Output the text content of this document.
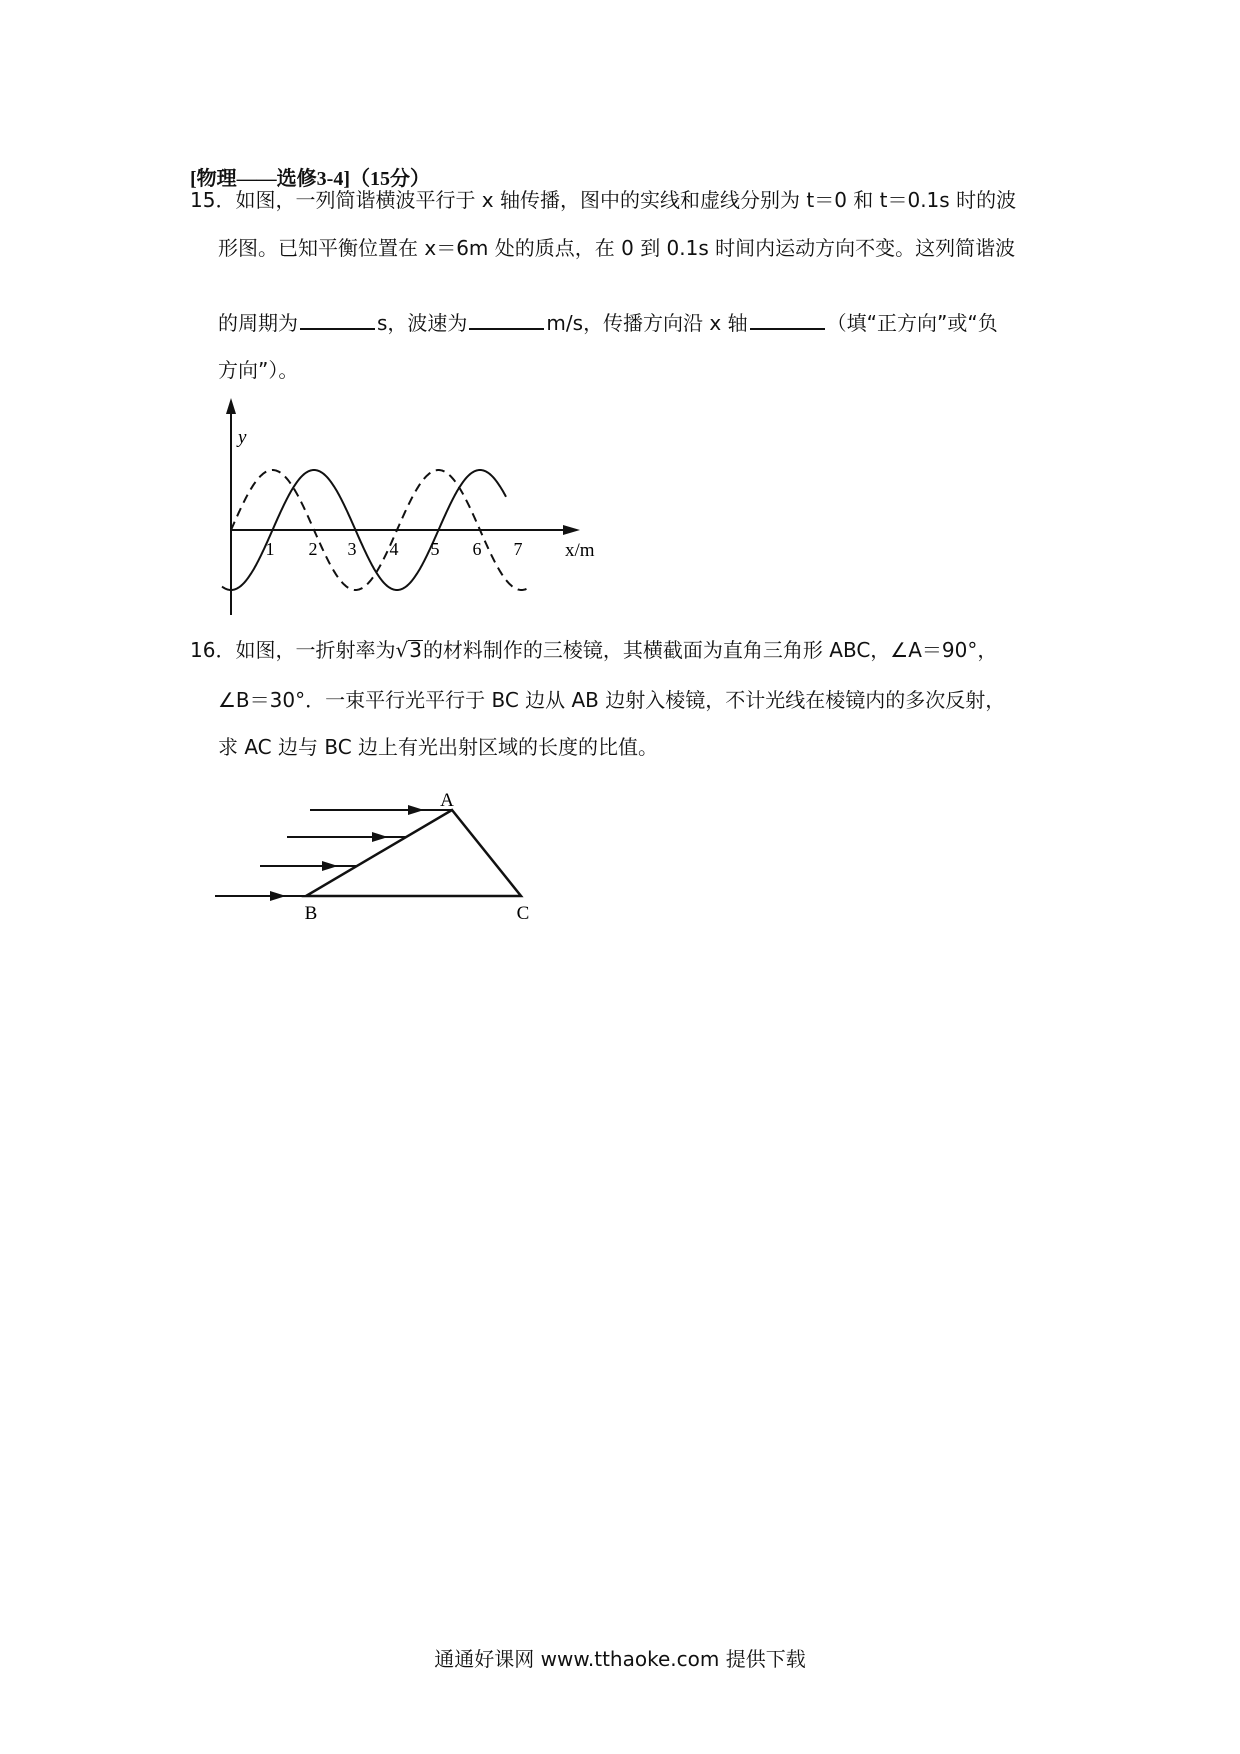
[物理——选修3-4]（15分）
15．如图，一列简谐横波平行于 x 轴传播，图中的实线和虚线分别为 t＝0 和 t＝0.1s 时的波
形图。已知平衡位置在 x＝6m 处的质点，在 0 到 0.1s 时间内运动方向不变。这列简谐波
的周期为	s，波速为	m/s，传播方向沿 x 轴	（填“正方向”或“负
方向”）。
y
x/m
1 2 3 4 5 6 7
16．如图，一折射率为√3的材料制作的三棱镜，其横截面为直角三角形 ABC，∠A＝90°，
∠B＝30°．一束平行光平行于 BC 边从 AB 边射入棱镜，不计光线在棱镜内的多次反射，
求 AC 边与 BC 边上有光出射区域的长度的比值。
A
B	C
通通好课网 www.tthaoke.com 提供下载
